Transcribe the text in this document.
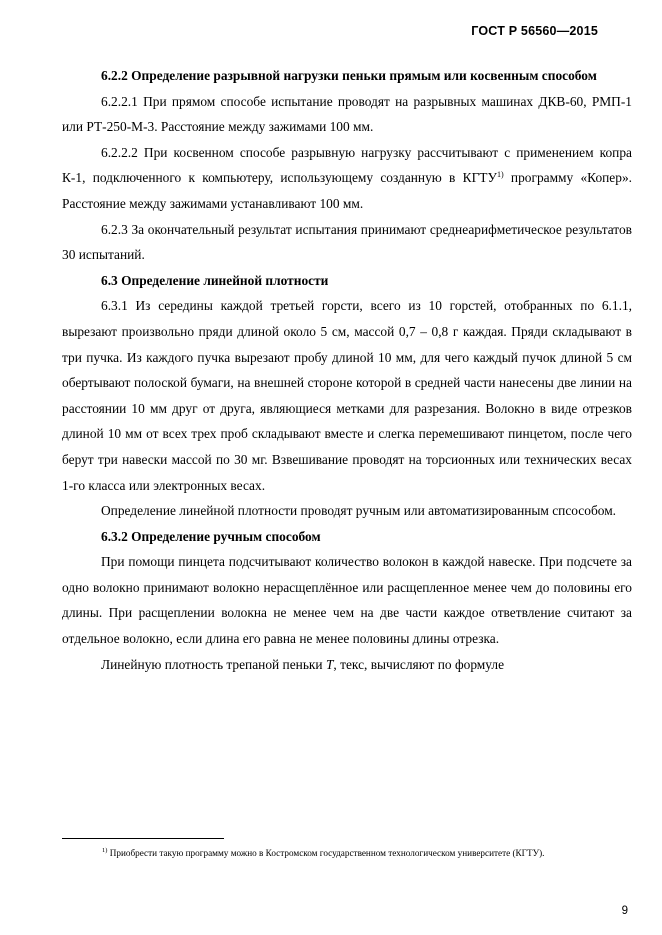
ГОСТ Р 56560—2015

6.2.2 Определение разрывной нагрузки пеньки прямым или косвенным способом

6.2.2.1 При прямом способе испытание проводят на разрывных машинах ДКВ-60, РМП-1 или РТ-250-М-3. Расстояние между зажимами 100 мм.

6.2.2.2 При косвенном способе разрывную нагрузку рассчитывают с применением копра К-1, подключенного к компьютеру, использующему созданную в КГТУ$^{1)}$ программу «Копер». Расстояние между зажимами устанавливают 100 мм.

6.2.3 За окончательный результат испытания принимают среднеарифметическое результатов 30 испытаний.

6.3 Определение линейной плотности

6.3.1 Из середины каждой третьей горсти, всего из 10 горстей, отобранных по 6.1.1, вырезают произвольно пряди длиной около 5 см, массой 0,7 – 0,8 г каждая. Пряди складывают в три пучка. Из каждого пучка вырезают пробу длиной 10 мм, для чего каждый пучок длиной 5 см обертывают полоской бумаги, на внешней стороне которой в средней части нанесены две линии на расстоянии 10 мм друг от друга, являющиеся метками для разрезания. Волокно в виде отрезков длиной 10 мм от всех трех проб складывают вместе и слегка перемешивают пинцетом, после чего берут три навески массой по 30 мг. Взвешивание проводят на торсионных или технических весах 1-го класса или электронных весах.

Определение линейной плотности проводят ручным или автоматизированным спсособом.

6.3.2 Определение ручным способом

При помощи пинцета подсчитывают количество волокон в каждой навеске. При подсчете за одно волокно принимают волокно нерасщеплённое или расщепленное менее чем до половины его длины. При расщеплении волокна не менее чем на две части каждое ответвление считают за отдельное волокно, если длина его равна не менее половины длины отрезка.

Линейную плотность трепаной пеньки Т, текс, вычисляют по формуле

$^{1)}$ Приобрести такую программу можно в Костромском государственном технологическом университете (КГТУ).
9
